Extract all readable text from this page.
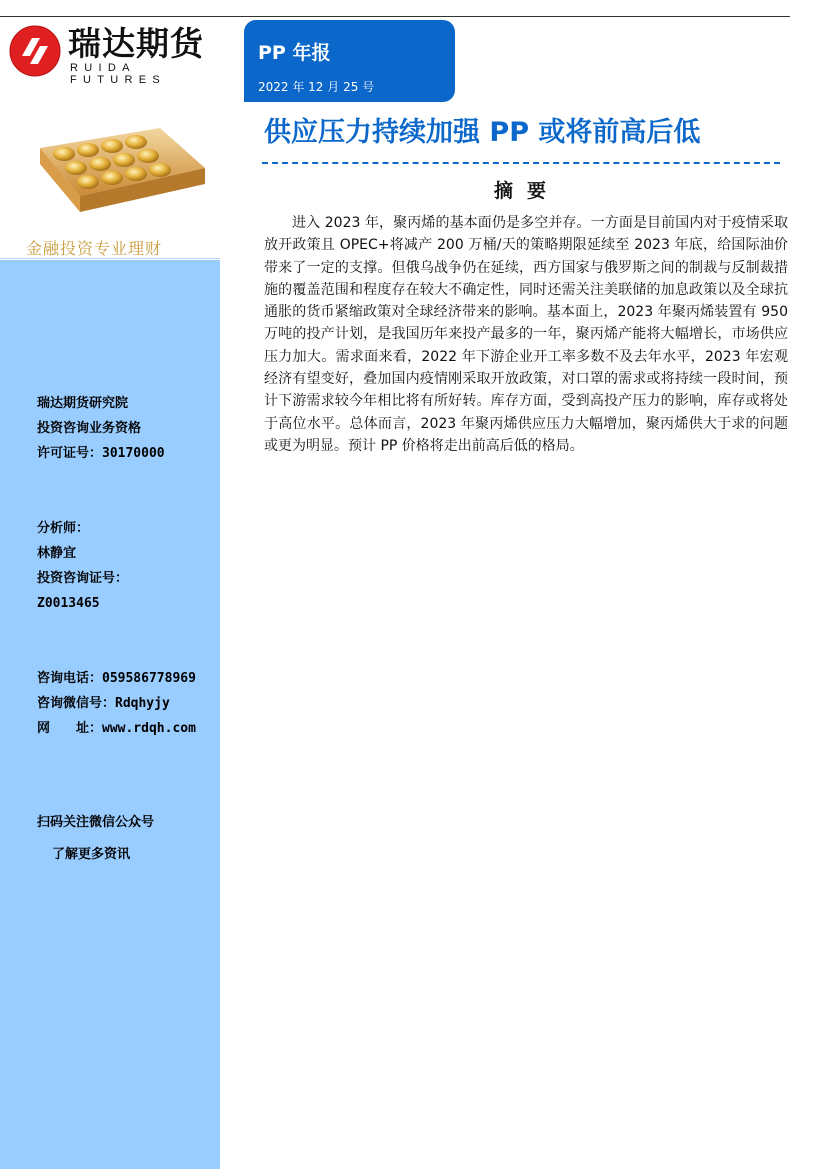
瑞达期货
RUIDA FUTURES
金融投资专业理财
瑞达期货研究院
投资咨询业务资格
许可证号：30170000
分析师：
林静宜
投资咨询证号：
Z0013465
咨询电话：059586778969
咨询微信号：Rdqhyjy
网　　址：www.rdqh.com
扫码关注微信公众号
了解更多资讯
PP 年报
2022 年 12 月 25 号
供应压力持续加强 PP 或将前高后低
摘要
进入 2023 年，聚丙烯的基本面仍是多空并存。一方面是目前国内对于疫情采取放开政策且 OPEC+将减产 200 万桶/天的策略期限延续至 2023 年底，给国际油价带来了一定的支撑。但俄乌战争仍在延续，西方国家与俄罗斯之间的制裁与反制裁措施的覆盖范围和程度存在较大不确定性，同时还需关注美联储的加息政策以及全球抗通胀的货币紧缩政策对全球经济带来的影响。基本面上，2023 年聚丙烯装置有 950 万吨的投产计划，是我国历年来投产最多的一年，聚丙烯产能将大幅增长，市场供应压力加大。需求面来看，2022 年下游企业开工率多数不及去年水平，2023 年宏观经济有望变好，叠加国内疫情刚采取开放政策，对口罩的需求或将持续一段时间，预计下游需求较今年相比将有所好转。库存方面，受到高投产压力的影响，库存或将处于高位水平。总体而言，2023 年聚丙烯供应压力大幅增加，聚丙烯供大于求的问题或更为明显。预计 PP 价格将走出前高后低的格局。
